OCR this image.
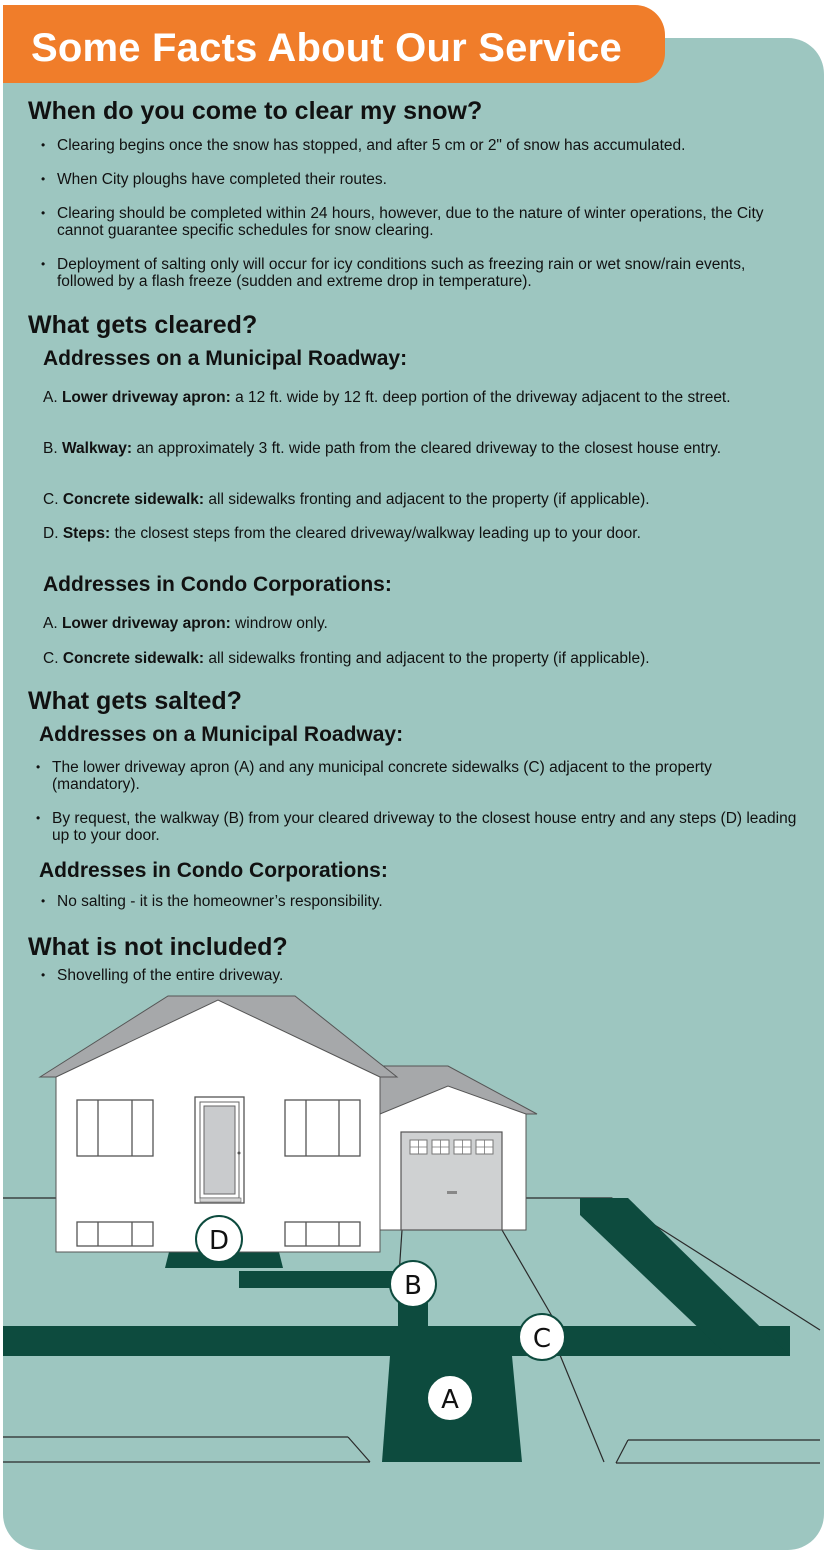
Some Facts About Our Service
When do you come to clear my snow?
• Clearing begins once the snow has stopped, and after 5 cm or 2" of snow has accumulated.
• When City ploughs have completed their routes.
• Clearing should be completed within 24 hours, however, due to the nature of winter operations, the City cannot guarantee specific schedules for snow clearing.
• Deployment of salting only will occur for icy conditions such as freezing rain or wet snow/rain events, followed by a flash freeze (sudden and extreme drop in temperature).
What gets cleared?
Addresses on a Municipal Roadway:
A. Lower driveway apron: a 12 ft. wide by 12 ft. deep portion of the driveway adjacent to the street.
B. Walkway: an approximately 3 ft. wide path from the cleared driveway to the closest house entry.
C. Concrete sidewalk: all sidewalks fronting and adjacent to the property (if applicable).
D. Steps: the closest steps from the cleared driveway/walkway leading up to your door.
Addresses in Condo Corporations:
A. Lower driveway apron: windrow only.
C. Concrete sidewalk: all sidewalks fronting and adjacent to the property (if applicable).
What gets salted?
Addresses on a Municipal Roadway:
• The lower driveway apron (A) and any municipal concrete sidewalks (C) adjacent to the property (mandatory).
• By request, the walkway (B) from your cleared driveway to the closest house entry and any steps (D) leading up to your door.
Addresses in Condo Corporations:
• No salting - it is the homeowner’s responsibility.
What is not included?
• Shovelling of the entire driveway.
D
B
C
A
